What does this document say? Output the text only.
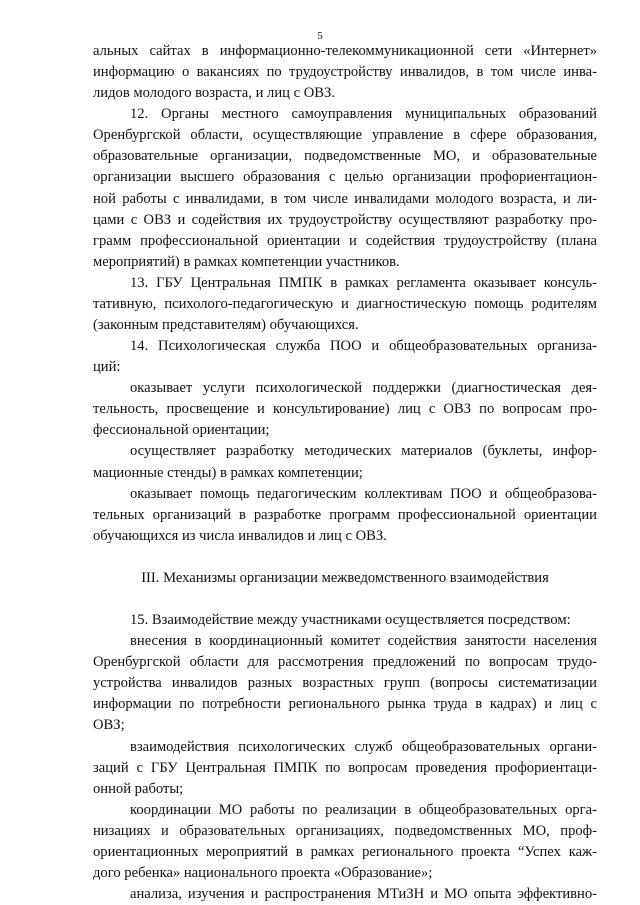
5
альных сайтах в информационно-телекоммуникационной сети «Интернет»
информацию о вакансиях по трудоустройству инвалидов, в том числе инва-
лидов молодого возраста, и лиц с ОВЗ.
12. Органы местного самоуправления муниципальных образований
Оренбургской области, осуществляющие управление в сфере образования,
образовательные организации, подведомственные МО, и образовательные
организации высшего образования с целью организации профориентацион-
ной работы с инвалидами, в том числе инвалидами молодого возраста, и ли-
цами с ОВЗ и содействия их трудоустройству осуществляют разработку про-
грамм профессиональной ориентации и содействия трудоустройству (плана
мероприятий) в рамках компетенции участников.
13. ГБУ Центральная ПМПК в рамках регламента оказывает консуль-
тативную, психолого-педагогическую и диагностическую помощь родителям
(законным представителям) обучающихся.
14. Психологическая служба ПОО и общеобразовательных организа-
ций:
оказывает услуги психологической поддержки (диагностическая дея-
тельность, просвещение и консультирование) лиц с ОВЗ по вопросам про-
фессиональной ориентации;
осуществляет разработку методических материалов (буклеты, инфор-
мационные стенды) в рамках компетенции;
оказывает помощь педагогическим коллективам ПОО и общеобразова-
тельных организаций в разработке программ профессиональной ориентации
обучающихся из числа инвалидов и лиц с ОВЗ.
III. Механизмы организации межведомственного взаимодействия
15. Взаимодействие между участниками осуществляется посредством:
внесения в координационный комитет содействия занятости населения
Оренбургской области для рассмотрения предложений по вопросам трудо-
устройства инвалидов разных возрастных групп (вопросы систематизации
информации по потребности регионального рынка труда в кадрах) и лиц с
ОВЗ;
взаимодействия психологических служб общеобразовательных органи-
заций с ГБУ Центральная ПМПК по вопросам проведения профориентаци-
онной работы;
координации МО работы по реализации в общеобразовательных орга-
низациях и образовательных организациях, подведомственных МО, проф-
ориентационных мероприятий в рамках регионального проекта “Успех каж-
дого ребенка» национального проекта «Образование»;
анализа, изучения и распространения МТиЗН и МО опыта эффективно-
